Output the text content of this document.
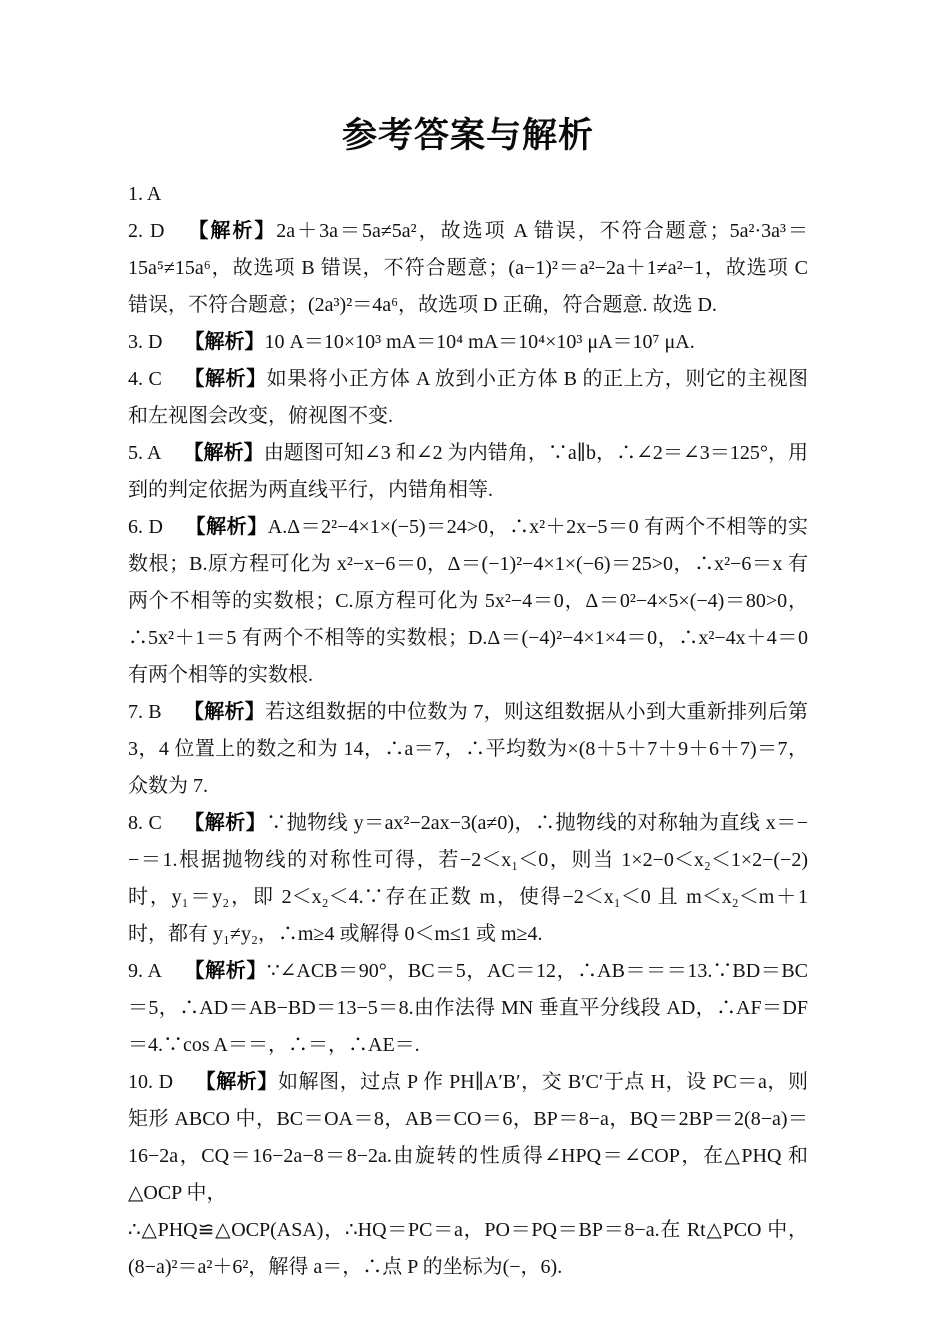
参考答案与解析

1. A

2. D 【解析】2a＋3a＝5a≠5a²，故选项 A 错误，不符合题意；5a²·3a³＝15a⁵≠15a⁶，故选项 B 错误，不符合题意；(a−1)²＝a²−2a＋1≠a²−1，故选项 C 错误，不符合题意；(2a³)²＝4a⁶，故选项 D 正确，符合题意. 故选 D.

3. D 【解析】10 A＝10×10³ mA＝10⁴ mA＝10⁴×10³ μA＝10⁷ μA.

4. C 【解析】如果将小正方体 A 放到小正方体 B 的正上方，则它的主视图和左视图会改变，俯视图不变.

5. A 【解析】由题图可知∠3 和∠2 为内错角，∵a∥b，∴∠2＝∠3＝125°，用到的判定依据为两直线平行，内错角相等.

6. D 【解析】A.Δ＝2²−4×1×(−5)＝24>0，∴x²＋2x−5＝0 有两个不相等的实数根；B.原方程可化为 x²−x−6＝0，Δ＝(−1)²−4×1×(−6)＝25>0，∴x²−6＝x 有两个不相等的实数根；C.原方程可化为 5x²−4＝0，Δ＝0²−4×5×(−4)＝80>0，∴5x²＋1＝5 有两个不相等的实数根；D.Δ＝(−4)²−4×1×4＝0，∴x²−4x＋4＝0 有两个相等的实数根.

7. B 【解析】若这组数据的中位数为 7，则这组数据从小到大重新排列后第 3，4 位置上的数之和为 14，∴a＝7，∴平均数为×(8＋5＋7＋9＋6＋7)＝7，众数为 7.

8. C 【解析】∵抛物线 y＝ax²−2ax−3(a≠0)，∴抛物线的对称轴为直线 x＝−−＝1.根据抛物线的对称性可得，若−2＜x₁＜0，则当 1×2−0＜x₂＜1×2−(−2)时，y₁＝y₂，即 2＜x₂＜4.∵存在正数 m，使得−2＜x₁＜0 且 m＜x₂＜m＋1 时，都有 y₁≠y₂，∴m≥4 或解得 0＜m≤1 或 m≥4.

9. A 【解析】∵∠ACB＝90°，BC＝5，AC＝12，∴AB＝＝＝13.∵BD＝BC＝5，∴AD＝AB−BD＝13−5＝8.由作法得 MN 垂直平分线段 AD，∴AF＝DF＝4.∵cos A＝＝，∴＝，∴AE＝.

10. D 【解析】如解图，过点 P 作 PH∥A′B′，交 B′C′于点 H，设 PC＝a，则矩形 ABCO 中，BC＝OA＝8，AB＝CO＝6，BP＝8−a，BQ＝2BP＝2(8−a)＝16−2a，CQ＝16−2a−8＝8−2a.由旋转的性质得∠HPQ＝∠COP，在△PHQ 和△OCP 中，

∴△PHQ≌△OCP(ASA)，∴HQ＝PC＝a，PO＝PQ＝BP＝8−a.在 Rt△PCO 中，(8−a)²＝a²＋6²，解得 a＝，∴点 P 的坐标为(−，6).
